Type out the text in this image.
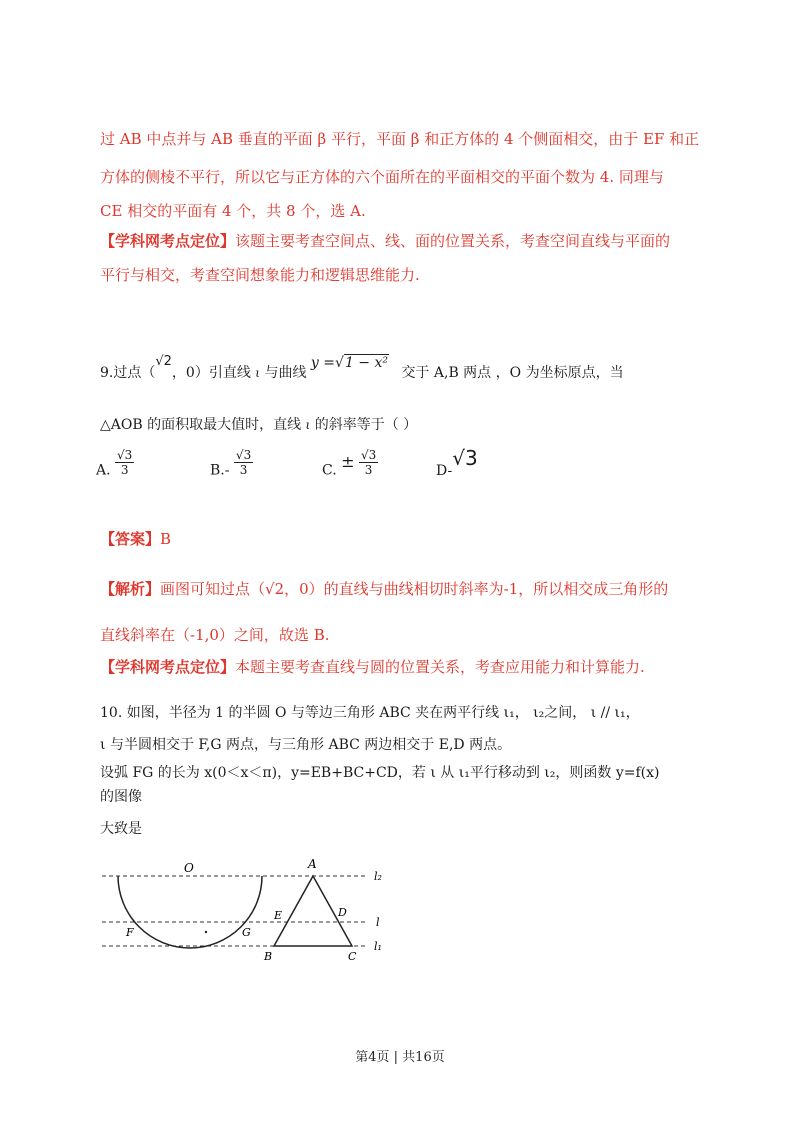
过 AB 中点并与 AB 垂直的平面 β 平行，平面 β 和正方体的 4 个侧面相交，由于 EF 和正
方体的侧棱不平行，所以它与正方体的六个面所在的平面相交的平面个数为 4. 同理与
CE 相交的平面有 4 个，共 8 个，选 A.
【学科网考点定位】该题主要考查空间点、线、面的位置关系，考查空间直线与平面的
平行与相交，考查空间想象能力和逻辑思维能力.
9.过点（√2，0）引直线 ι 与曲线 y =√1 − x² 交于 A,B 两点 ，O 为坐标原点，当
△AOB 的面积取最大值时，直线 ι 的斜率等于（ ）
A. $\frac{√3}{3}$	$B.- \frac{√3}{3}$	C. ± $\frac{√3}{3}$	D-√3
【答案】B
【解析】画图可知过点（√2，0）的直线与曲线相切时斜率为-1，所以相交成三角形的
直线斜率在（-1,0）之间，故选 B.
【学科网考点定位】本题主要考查直线与圆的位置关系，考查应用能力和计算能力.
10. 如图，半径为 1 的半圆 O 与等边三角形 ABC 夹在两平行线 ι₁， ι₂之间， ι // ι₁，
ι 与半圆相交于 F,G 两点，与三角形 ABC 两边相交于 E,D 两点。
设弧 FG 的长为 x(0＜x＜π)，y=EB+BC+CD，若 ι 从 ι₁平行移动到 ι₂，则函数 y=f(x)
的图像
大致是
O	A
E	D
F	G
B	C
l₂
l
l₁
第4页 | 共16页
